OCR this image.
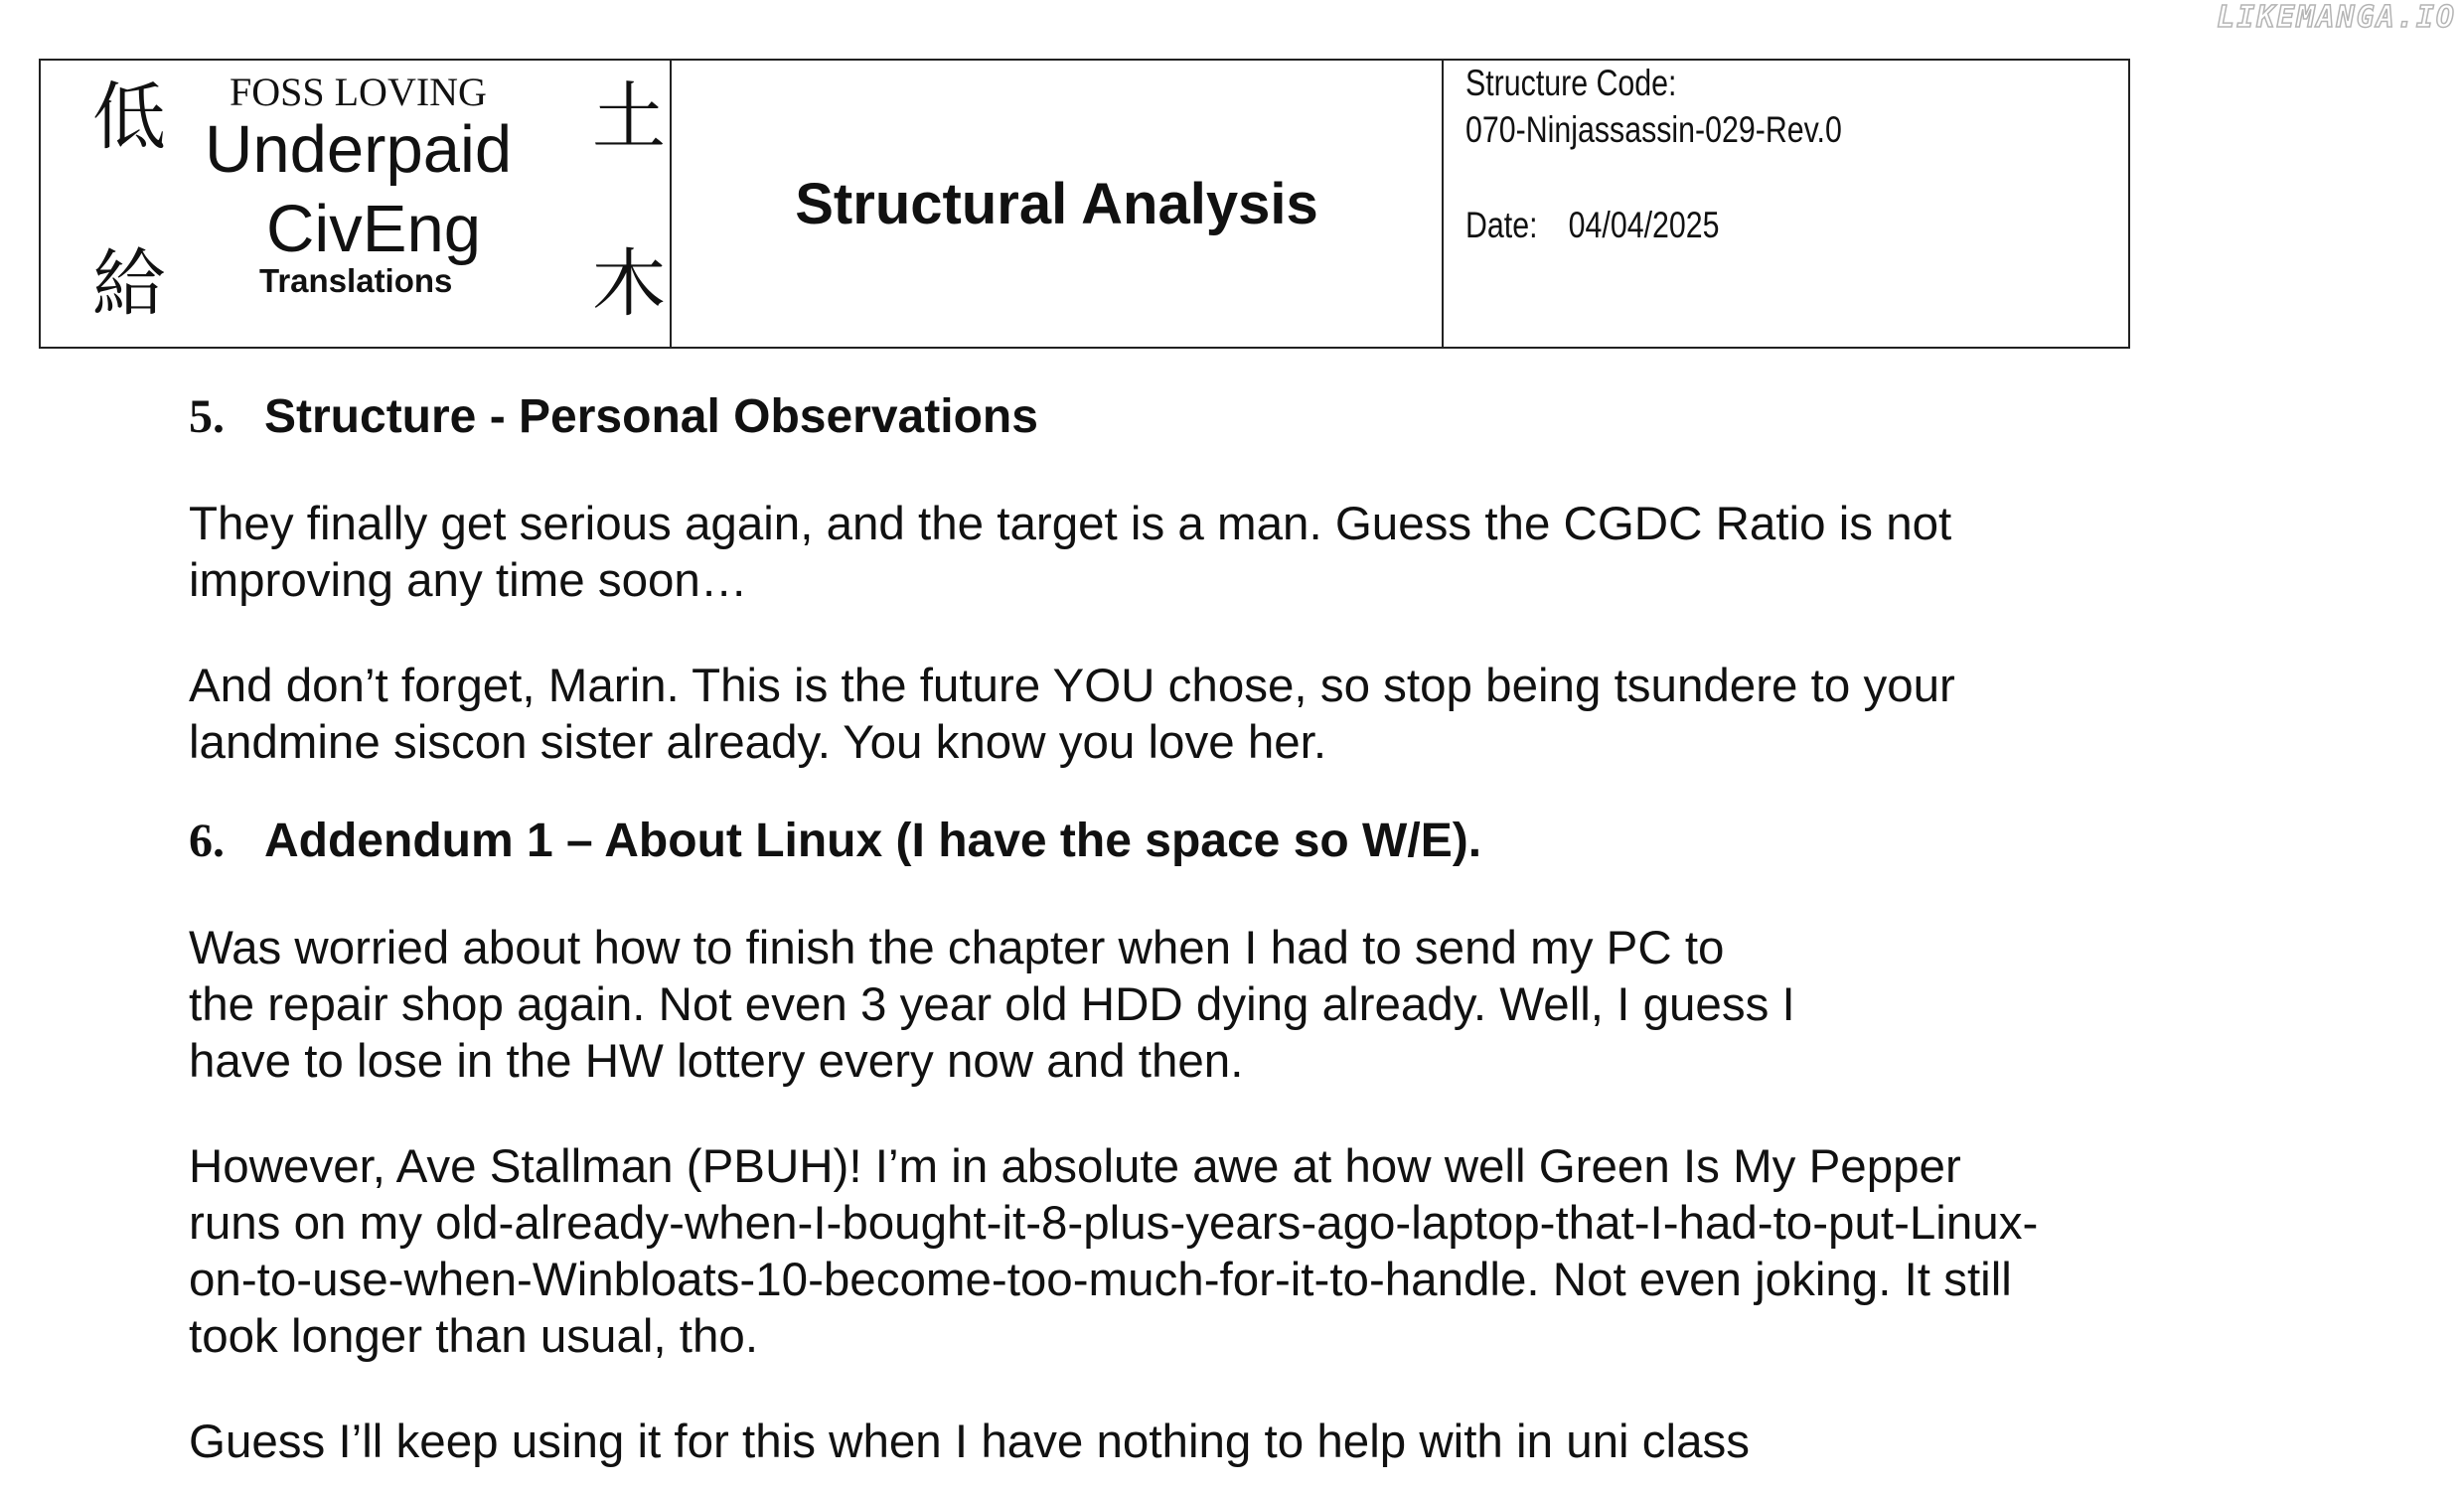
LIKEMANGA.IO
低
給
土
木
FOSS LOVING
Underpaid
CivEng
Translations
Structural Analysis
Structure Code:
070-Ninjassassin-029-Rev.0
Date: 04/04/2025
5. Structure - Personal Observations
They finally get serious again, and the target is a man. Guess the CGDC Ratio is not
improving any time soon…
And don’t forget, Marin. This is the future YOU chose, so stop being tsundere to your
landmine siscon sister already. You know you love her.
6. Addendum 1 – About Linux (I have the space so W/E).
Was worried about how to finish the chapter when I had to send my PC to
the repair shop again. Not even 3 year old HDD dying already. Well, I guess I
have to lose in the HW lottery every now and then.
However, Ave Stallman (PBUH)! I’m in absolute awe at how well Green Is My Pepper
runs on my old-already-when-I-bought-it-8-plus-years-ago-laptop-that-I-had-to-put-Linux-
on-to-use-when-Winbloats-10-become-too-much-for-it-to-handle. Not even joking. It still
took longer than usual, tho.
Guess I’ll keep using it for this when I have nothing to help with in uni class
